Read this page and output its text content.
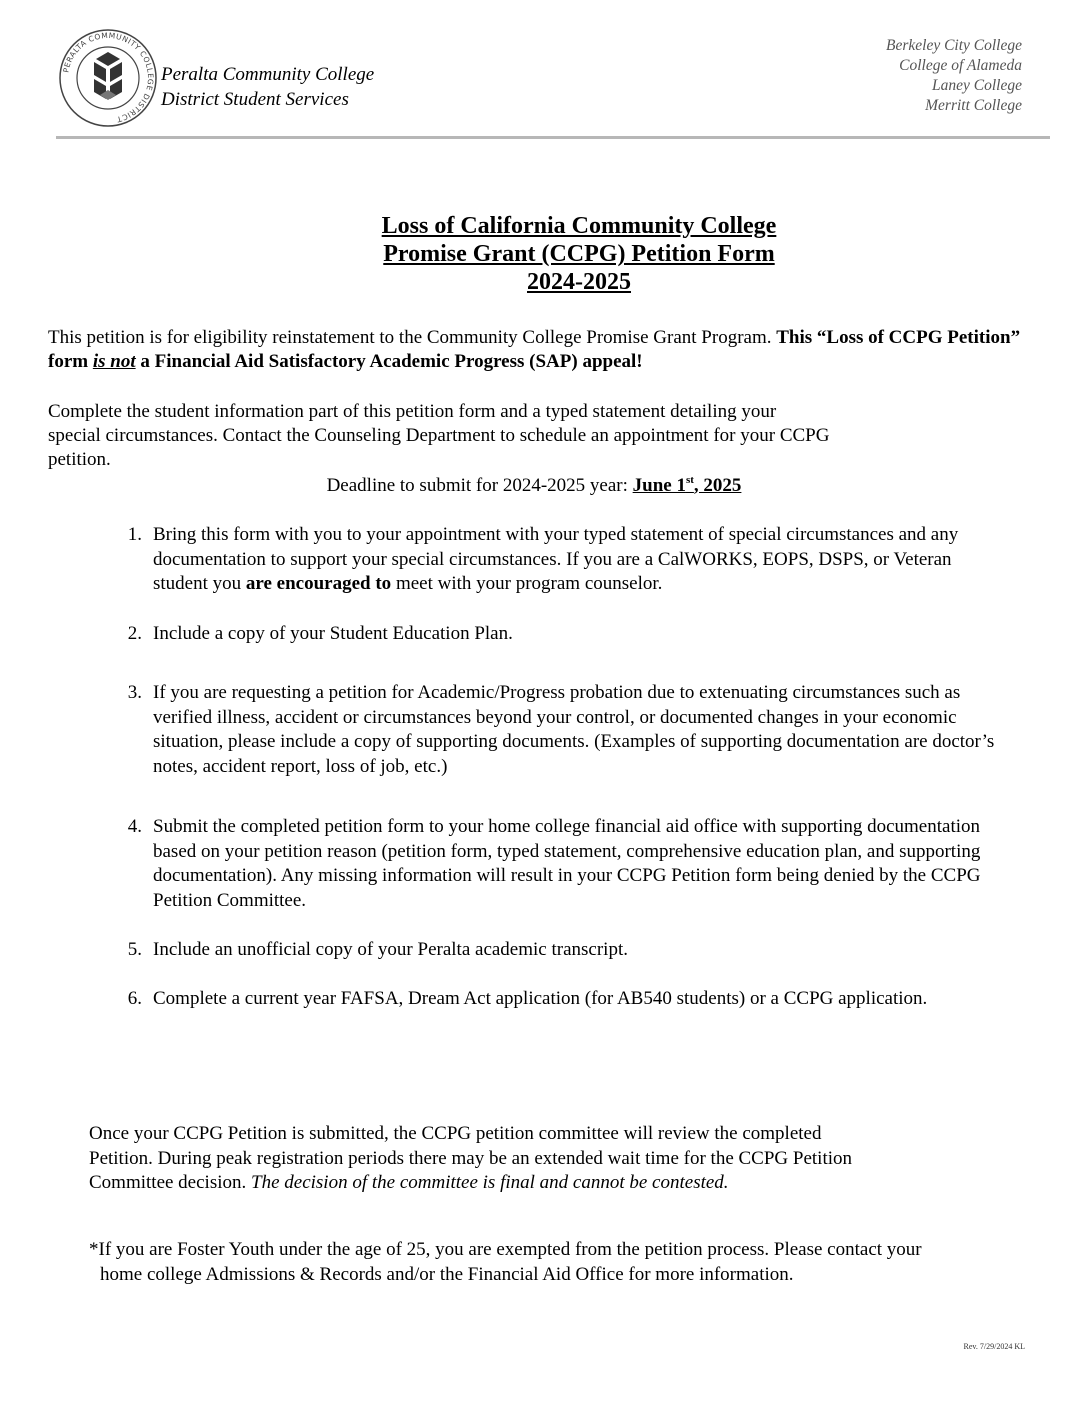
PERALTA COMMUNITY COLLEGE DISTRICT
Peralta Community College
District Student Services
Berkeley City College
College of Alameda
Laney College
Merritt College
Loss of California Community College
Promise Grant (CCPG) Petition Form
2024-2025
This petition is for eligibility reinstatement to the Community College Promise Grant Program. This “Loss of CCPG Petition” form is not a Financial Aid Satisfactory Academic Progress (SAP) appeal!
Complete the student information part of this petition form and a typed statement detailing your
special circumstances. Contact the Counseling Department to schedule an appointment for your CCPG
petition.
Deadline to submit for 2024-2025 year: June 1st, 2025
1. Bring this form with you to your appointment with your typed statement of special circumstances and any documentation to support your special circumstances. If you are a CalWORKS, EOPS, DSPS, or Veteran student you are encouraged to meet with your program counselor.
2. Include a copy of your Student Education Plan.
3. If you are requesting a petition for Academic/Progress probation due to extenuating circumstances such as verified illness, accident or circumstances beyond your control, or documented changes in your economic situation, please include a copy of supporting documents. (Examples of supporting documentation are doctor’s notes, accident report, loss of job, etc.)
4. Submit the completed petition form to your home college financial aid office with supporting documentation based on your petition reason (petition form, typed statement, comprehensive education plan, and supporting documentation). Any missing information will result in your CCPG Petition form being denied by the CCPG Petition Committee.
5. Include an unofficial copy of your Peralta academic transcript.
6. Complete a current year FAFSA, Dream Act application (for AB540 students) or a CCPG application.
Once your CCPG Petition is submitted, the CCPG petition committee will review the completed
Petition. During peak registration periods there may be an extended wait time for the CCPG Petition
Committee decision. The decision of the committee is final and cannot be contested.
*If you are Foster Youth under the age of 25, you are exempted from the petition process. Please contact your
home college Admissions & Records and/or the Financial Aid Office for more information.
Rev. 7/29/2024 KL
